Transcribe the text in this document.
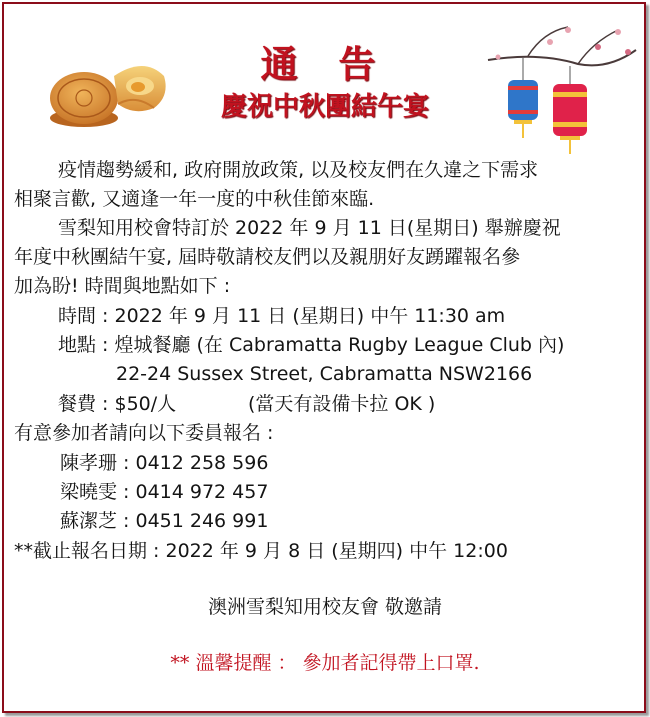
通 告
慶祝中秋團結午宴
疫情趨勢緩和, 政府開放政策, 以及校友們在久違之下需求
相聚言歡, 又適逢一年一度的中秋佳節來臨.
雪梨知用校會特訂於 2022 年 9 月 11 日(星期日) 舉辦慶祝
年度中秋團結午宴, 屆時敬請校友們以及親朋好友踴躍報名參
加為盼! 時間與地點如下 :
時間 : 2022 年 9 月 11 日 (星期日) 中午 11:30 am
地點 : 煌城餐廳 (在 Cabramatta Rugby League Club 內)
22-24 Sussex Street, Cabramatta NSW2166
餐費 : $50/人	(當天有設備卡拉 OK )
有意參加者請向以下委員報名 :
陳孝珊 : 0412 258 596
梁曉雯 : 0414 972 457
蘇潔芝 : 0451 246 991
**截止報名日期 : 2022 年 9 月 8 日 (星期四) 中午 12:00
澳洲雪梨知用校友會 敬邀請
** 溫馨提醒 ： 參加者記得帶上口罩.
